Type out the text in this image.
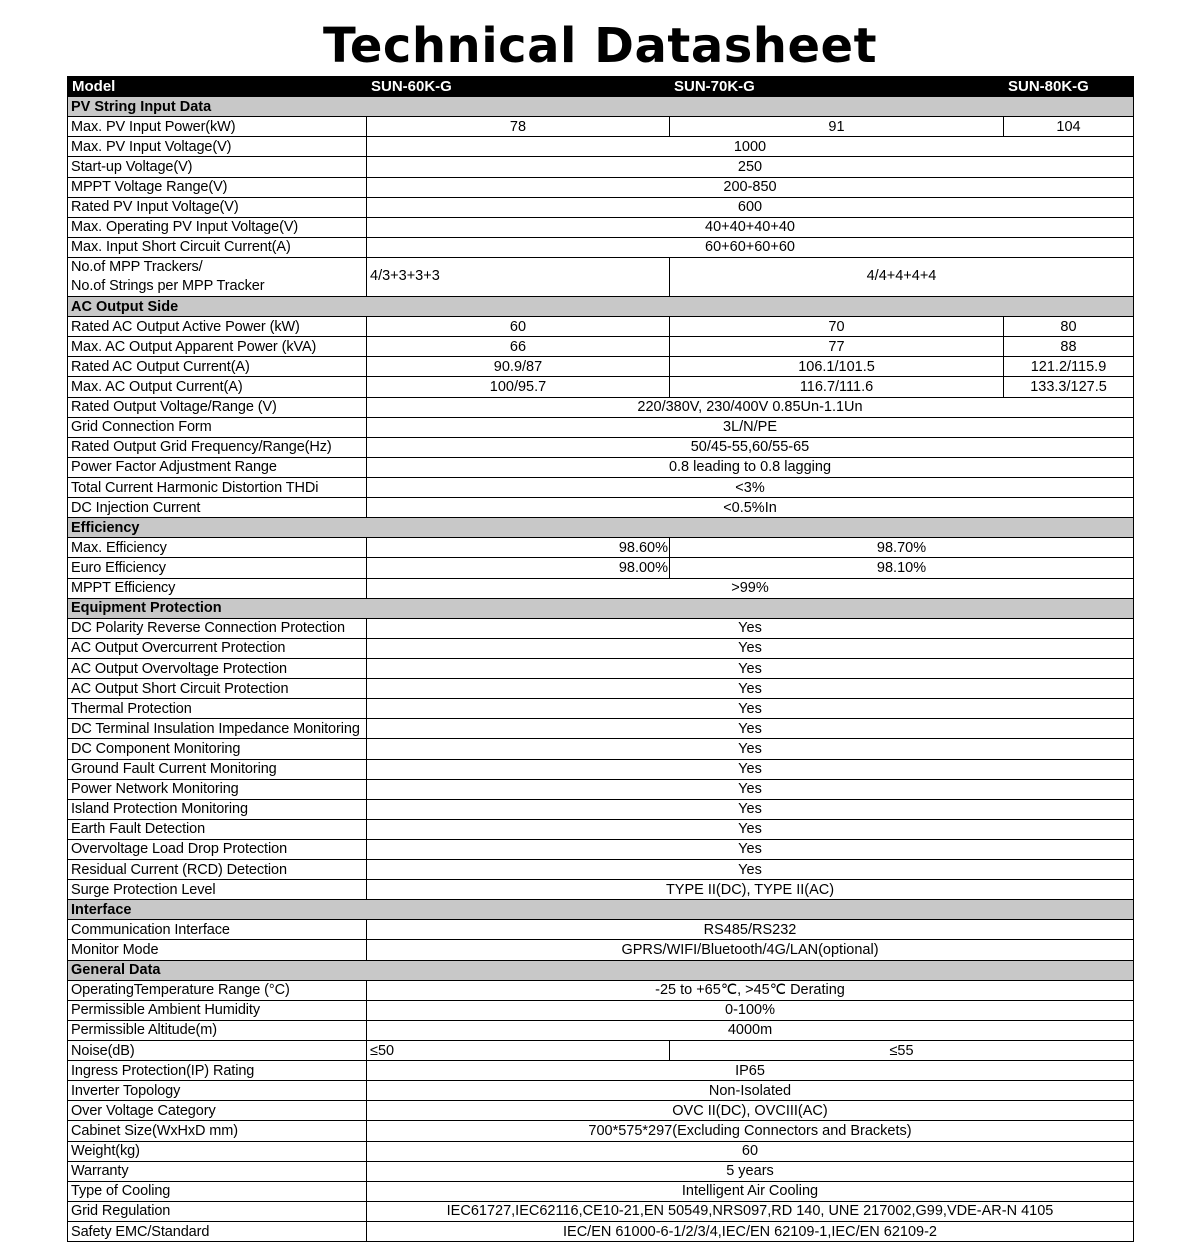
Technical Datasheet
Model	SUN-60K-G	SUN-70K-G	SUN-80K-G
PV String Input Data			
Max. PV Input Power(kW)	78	91	104
Max. PV Input Voltage(V)	1000		
Start-up Voltage(V)	250		
MPPT Voltage Range(V)	200-850		
Rated PV Input Voltage(V)	600		
Max. Operating PV Input Voltage(V)	40+40+40+40		
Max. Input Short Circuit Current(A)	60+60+60+60		

No.of MPP Trackers/
No.of Strings per MPP Tracker	4/3+3+3+3	4/4+4+4+4	
AC Output Side			
Rated AC Output Active Power (kW)	60	70	80
Max. AC Output Apparent Power (kVA)	66	77	88
Rated AC Output Current(A)	90.9/87	106.1/101.5	121.2/115.9
Max. AC Output Current(A)	100/95.7	116.7/111.6	133.3/127.5
Rated Output Voltage/Range (V)	220/380V, 230/400V 0.85Un-1.1Un		
Grid Connection Form	3L/N/PE		
Rated Output Grid Frequency/Range(Hz)	50/45-55,60/55-65		
Power Factor Adjustment Range	0.8 leading to 0.8 lagging		
Total Current Harmonic Distortion THDi	<3%		
DC Injection Current	<0.5%In		
Efficiency			
Max. Efficiency	98.60%	98.70%	
Euro Efficiency	98.00%	98.10%	
MPPT Efficiency	>99%		
Equipment Protection			
DC Polarity Reverse Connection Protection	Yes		
AC Output Overcurrent Protection	Yes		
AC Output Overvoltage Protection	Yes		
AC Output Short Circuit Protection	Yes		
Thermal Protection	Yes		
DC Terminal Insulation Impedance Monitoring	Yes		
DC Component Monitoring	Yes		
Ground Fault Current Monitoring	Yes		
Power Network Monitoring	Yes		
Island Protection Monitoring	Yes		
Earth Fault Detection	Yes		
Overvoltage Load Drop Protection	Yes		
Residual Current (RCD) Detection	Yes		
Surge Protection Level	TYPE II(DC), TYPE II(AC)		
Interface			
Communication Interface	RS485/RS232		
Monitor Mode	GPRS/WIFI/Bluetooth/4G/LAN(optional)		
General Data			
OperatingTemperature Range (°C)	-25 to +65℃, >45℃ Derating		
Permissible Ambient Humidity	0-100%		
Permissible Altitude(m)	4000m		
Noise(dB)	≤50	≤55	
Ingress Protection(IP) Rating	IP65		
Inverter Topology	Non-Isolated		
Over Voltage Category	OVC II(DC), OVCIII(AC)		
Cabinet Size(WxHxD mm)	700*575*297(Excluding Connectors and Brackets)		
Weight(kg)	60		
Warranty	5 years		
Type of Cooling	Intelligent Air Cooling		
Grid Regulation	IEC61727,IEC62116,CE10-21,EN 50549,NRS097,RD 140, UNE 217002,G99,VDE-AR-N 4105		
Safety EMC/Standard	IEC/EN 61000-6-1/2/3/4,IEC/EN 62109-1,IEC/EN 62109-2		
